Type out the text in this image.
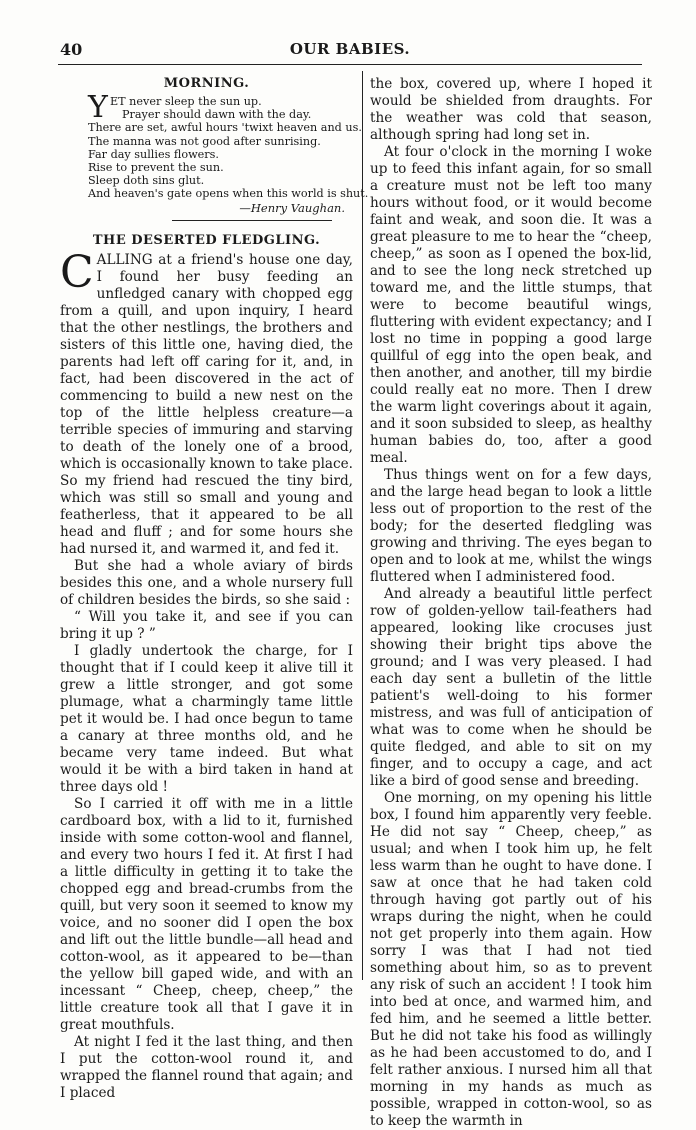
40	OUR BABIES.
MORNING.
Y ET never sleep the sun up.
Prayer should dawn with the day.
There are set, awful hours 'twixt heaven and us.
The manna was not good after sunrising.
Far day sullies flowers.
Rise to prevent the sun.
Sleep doth sins glut.
And heaven's gate opens when this world is shut.
—Henry Vaughan.
THE DESERTED FLEDGLING.

CALLING at a friend's house one day, I found her busy feeding an unfledged canary with chopped egg from a quill, and upon inquiry, I heard that the other nestlings, the brothers and sisters of this little one, having died, the parents had left off caring for it, and, in fact, had been discovered in the act of commencing to build a new nest on the top of the little helpless creature—a terrible species of immuring and starving to death of the lonely one of a brood, which is occasionally known to take place. So my friend had rescued the tiny bird, which was still so small and young and featherless, that it appeared to be all head and fluff ; and for some hours she had nursed it, and warmed it, and fed it.

But she had a whole aviary of birds besides this one, and a whole nursery full of children besides the birds, so she said :

“ Will you take it, and see if you can bring it up ? ”

I gladly undertook the charge, for I thought that if I could keep it alive till it grew a little stronger, and got some plumage, what a charmingly tame little pet it would be. I had once begun to tame a canary at three months old, and he became very tame indeed. But what would it be with a bird taken in hand at three days old !

So I carried it off with me in a little cardboard box, with a lid to it, furnished inside with some cotton-wool and flannel, and every two hours I fed it. At first I had a little difficulty in getting it to take the chopped egg and bread-crumbs from the quill, but very soon it seemed to know my voice, and no sooner did I open the box and lift out the little bundle—all head and cotton-wool, as it appeared to be—than the yellow bill gaped wide, and with an incessant “ Cheep, cheep, cheep,” the little creature took all that I gave it in great mouthfuls.

At night I fed it the last thing, and then I put the cotton-wool round it, and wrapped the flannel round that again; and I placed

the box, covered up, where I hoped it would be shielded from draughts. For the weather was cold that season, although spring had long set in.

At four o'clock in the morning I woke up to feed this infant again, for so small a creature must not be left too many hours without food, or it would become faint and weak, and soon die. It was a great pleasure to me to hear the “cheep, cheep,” as soon as I opened the box-lid, and to see the long neck stretched up toward me, and the little stumps, that were to become beautiful wings, fluttering with evident expectancy; and I lost no time in popping a good large quillful of egg into the open beak, and then another, and another, till my birdie could really eat no more. Then I drew the warm light coverings about it again, and it soon subsided to sleep, as healthy human babies do, too, after a good meal.

Thus things went on for a few days, and the large head began to look a little less out of proportion to the rest of the body; for the deserted fledgling was growing and thriving. The eyes began to open and to look at me, whilst the wings fluttered when I administered food.

And already a beautiful little perfect row of golden-yellow tail-feathers had appeared, looking like crocuses just showing their bright tips above the ground; and I was very pleased. I had each day sent a bulletin of the little patient's well-doing to his former mistress, and was full of anticipation of what was to come when he should be quite fledged, and able to sit on my finger, and to occupy a cage, and act like a bird of good sense and breeding.

One morning, on my opening his little box, I found him apparently very feeble. He did not say “ Cheep, cheep,” as usual; and when I took him up, he felt less warm than he ought to have done. I saw at once that he had taken cold through having got partly out of his wraps during the night, when he could not get properly into them again. How sorry I was that I had not tied something about him, so as to prevent any risk of such an accident ! I took him into bed at once, and warmed him, and fed him, and he seemed a little better. But he did not take his food as willingly as he had been accustomed to do, and I felt rather anxious. I nursed him all that morning in my hands as much as possible, wrapped in cotton-wool, so as to keep the warmth in
